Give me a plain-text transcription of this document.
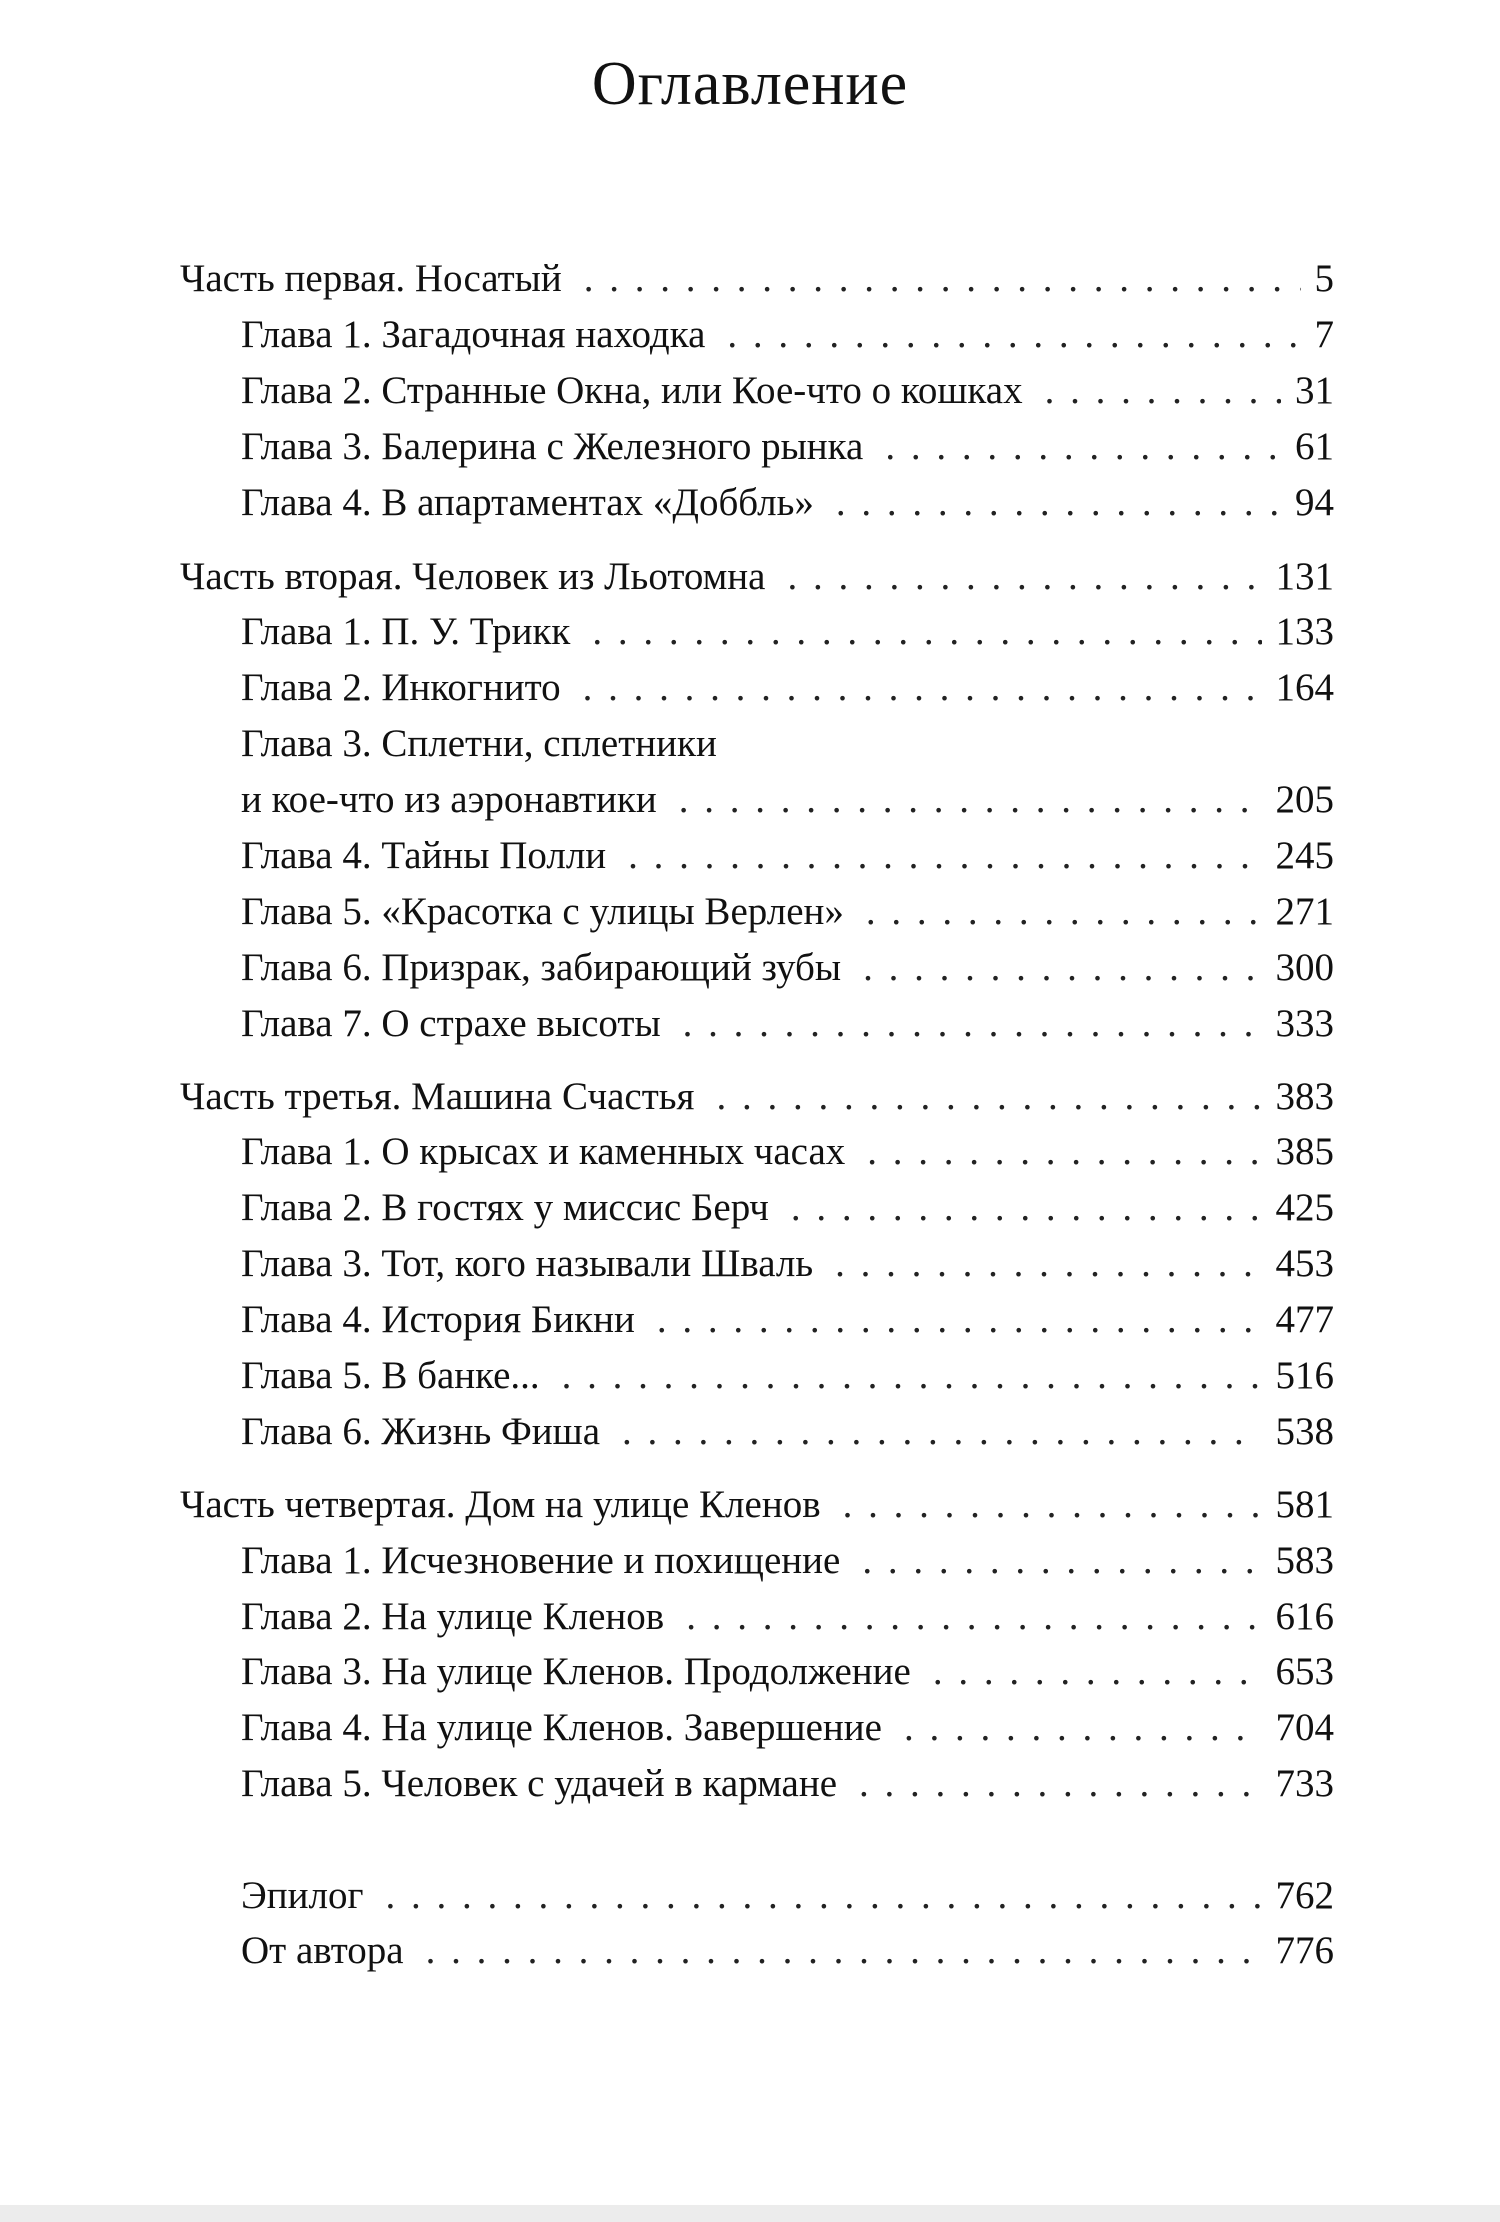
Оглавление
Часть первая. Носатый . . .	5
Глава 1. Загадочная находка . . .	7
Глава 2. Странные Окна, или Кое-что о кошках . . .	31
Глава 3. Балерина с Железного рынка . . .	61
Глава 4. В апартаментах «Доббль» . . .	94
Часть вторая. Человек из Льотомна . . .	131
Глава 1. П. У. Трикк . . .	133
Глава 2. Инкогнито . . .	164
Глава 3. Сплетни, сплетники
и кое-что из аэронавтики . . .	205
Глава 4. Тайны Полли . . .	245
Глава 5. «Красотка с улицы Верлен» . . .	271
Глава 6. Призрак, забирающий зубы . . .	300
Глава 7. О страхе высоты . . .	333
Часть третья. Машина Счастья . . .	383
Глава 1. О крысах и каменных часах . . .	385
Глава 2. В гостях у миссис Берч . . .	425
Глава 3. Тот, кого называли Шваль . . .	453
Глава 4. История Бикни . . .	477
Глава 5. В банке... . . .	516
Глава 6. Жизнь Фиша . . .	538
Часть четвертая. Дом на улице Кленов . . .	581
Глава 1. Исчезновение и похищение . . .	583
Глава 2. На улице Кленов . . .	616
Глава 3. На улице Кленов. Продолжение . . .	653
Глава 4. На улице Кленов. Завершение . . .	704
Глава 5. Человек с удачей в кармане . . .	733
Эпилог . . .	762
От автора . . .	776
